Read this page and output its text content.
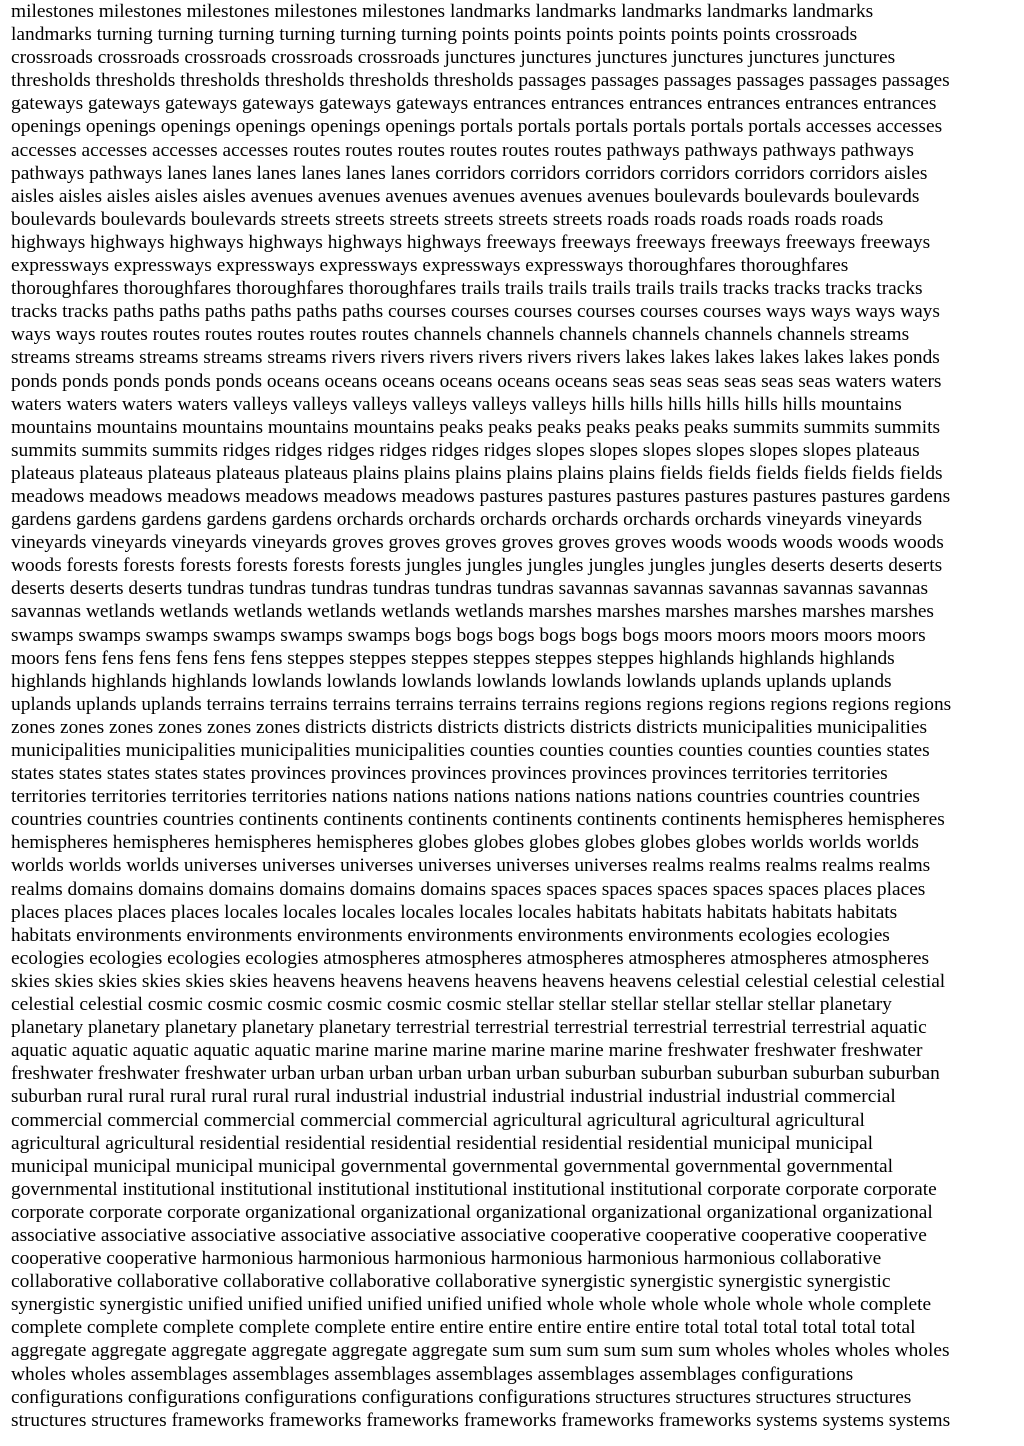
milestones milestones milestones milestones milestones landmarks landmarks landmarks landmarks landmarks
landmarks turning turning turning turning turning turning points points points points points points crossroads
crossroads crossroads crossroads crossroads crossroads junctures junctures junctures junctures junctures junctures
thresholds thresholds thresholds thresholds thresholds thresholds passages passages passages passages passages passages
gateways gateways gateways gateways gateways gateways entrances entrances entrances entrances entrances entrances
openings openings openings openings openings openings portals portals portals portals portals portals accesses accesses
accesses accesses accesses accesses routes routes routes routes routes routes pathways pathways pathways pathways
pathways pathways lanes lanes lanes lanes lanes lanes corridors corridors corridors corridors corridors corridors aisles
aisles aisles aisles aisles aisles avenues avenues avenues avenues avenues avenues boulevards boulevards boulevards
boulevards boulevards boulevards streets streets streets streets streets streets roads roads roads roads roads roads
highways highways highways highways highways highways freeways freeways freeways freeways freeways freeways
expressways expressways expressways expressways expressways expressways thoroughfares thoroughfares
thoroughfares thoroughfares thoroughfares thoroughfares trails trails trails trails trails trails tracks tracks tracks tracks
tracks tracks paths paths paths paths paths paths courses courses courses courses courses courses ways ways ways ways
ways ways routes routes routes routes routes routes channels channels channels channels channels channels streams
streams streams streams streams streams rivers rivers rivers rivers rivers rivers lakes lakes lakes lakes lakes lakes ponds
ponds ponds ponds ponds ponds oceans oceans oceans oceans oceans oceans seas seas seas seas seas seas waters waters
waters waters waters waters valleys valleys valleys valleys valleys valleys hills hills hills hills hills hills mountains
mountains mountains mountains mountains mountains peaks peaks peaks peaks peaks peaks summits summits summits
summits summits summits ridges ridges ridges ridges ridges ridges slopes slopes slopes slopes slopes slopes plateaus
plateaus plateaus plateaus plateaus plateaus plains plains plains plains plains plains fields fields fields fields fields fields
meadows meadows meadows meadows meadows meadows pastures pastures pastures pastures pastures pastures gardens
gardens gardens gardens gardens gardens orchards orchards orchards orchards orchards orchards vineyards vineyards
vineyards vineyards vineyards vineyards groves groves groves groves groves groves woods woods woods woods woods
woods forests forests forests forests forests forests jungles jungles jungles jungles jungles jungles deserts deserts deserts
deserts deserts deserts tundras tundras tundras tundras tundras tundras savannas savannas savannas savannas savannas
savannas wetlands wetlands wetlands wetlands wetlands wetlands marshes marshes marshes marshes marshes marshes
swamps swamps swamps swamps swamps swamps bogs bogs bogs bogs bogs bogs moors moors moors moors moors
moors fens fens fens fens fens fens steppes steppes steppes steppes steppes steppes highlands highlands highlands
highlands highlands highlands lowlands lowlands lowlands lowlands lowlands lowlands uplands uplands uplands
uplands uplands uplands terrains terrains terrains terrains terrains terrains regions regions regions regions regions regions
zones zones zones zones zones zones districts districts districts districts districts districts municipalities municipalities
municipalities municipalities municipalities municipalities counties counties counties counties counties counties states
states states states states states provinces provinces provinces provinces provinces provinces territories territories
territories territories territories territories nations nations nations nations nations nations countries countries countries
countries countries countries continents continents continents continents continents continents hemispheres hemispheres
hemispheres hemispheres hemispheres hemispheres globes globes globes globes globes globes worlds worlds worlds
worlds worlds worlds universes universes universes universes universes universes realms realms realms realms realms
realms domains domains domains domains domains domains spaces spaces spaces spaces spaces spaces places places
places places places places locales locales locales locales locales locales habitats habitats habitats habitats habitats
habitats environments environments environments environments environments environments ecologies ecologies
ecologies ecologies ecologies ecologies atmospheres atmospheres atmospheres atmospheres atmospheres atmospheres
skies skies skies skies skies skies heavens heavens heavens heavens heavens heavens celestial celestial celestial celestial
celestial celestial cosmic cosmic cosmic cosmic cosmic cosmic stellar stellar stellar stellar stellar stellar planetary
planetary planetary planetary planetary planetary terrestrial terrestrial terrestrial terrestrial terrestrial terrestrial aquatic
aquatic aquatic aquatic aquatic aquatic marine marine marine marine marine marine freshwater freshwater freshwater
freshwater freshwater freshwater urban urban urban urban urban urban suburban suburban suburban suburban suburban
suburban rural rural rural rural rural rural industrial industrial industrial industrial industrial industrial commercial
commercial commercial commercial commercial commercial agricultural agricultural agricultural agricultural
agricultural agricultural residential residential residential residential residential residential municipal municipal
municipal municipal municipal municipal governmental governmental governmental governmental governmental
governmental institutional institutional institutional institutional institutional institutional corporate corporate corporate
corporate corporate corporate organizational organizational organizational organizational organizational organizational
associative associative associative associative associative associative cooperative cooperative cooperative cooperative
cooperative cooperative harmonious harmonious harmonious harmonious harmonious harmonious collaborative
collaborative collaborative collaborative collaborative collaborative synergistic synergistic synergistic synergistic
synergistic synergistic unified unified unified unified unified unified whole whole whole whole whole whole complete
complete complete complete complete complete entire entire entire entire entire entire total total total total total total
aggregate aggregate aggregate aggregate aggregate aggregate sum sum sum sum sum sum wholes wholes wholes wholes
wholes wholes assemblages assemblages assemblages assemblages assemblages assemblages configurations
configurations configurations configurations configurations configurations structures structures structures structures
structures structures frameworks frameworks frameworks frameworks frameworks frameworks systems systems systems
